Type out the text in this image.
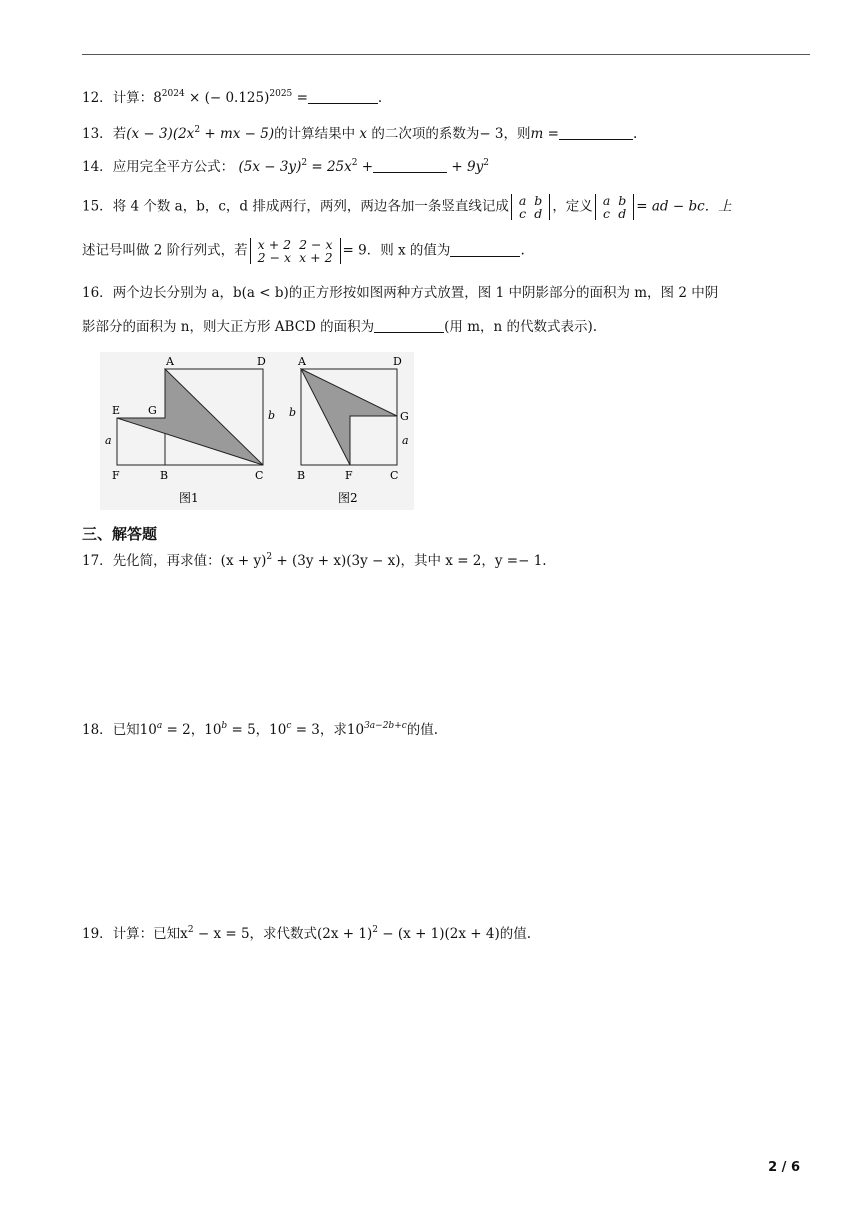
12．计算：$8^{2024}$ × (− 0.125)$^{2025}$ =	.
13．若$(x - 3)(2x^2$ + mx − 5)的计算结果中 x 的二次项的系数为− 3，则m =	.
14．应用完全平方公式： $(5x - 3y)^2 = 25x^2$ +	+ $9y^2$
15．将 4 个数 a，b，c，d 排成两行，两列，两边各加一条竖直线记成 a	b
c	d ，定义 a	b
c	d = ad − bc．上
述记号叫做 2 阶行列式，若 x + 2	2 − x
2 − x	x + 2 = 9．则 x 的值为	.
16．两个边长分别为 a，b(a < b)的正方形按如图两种方式放置，图 1 中阴影部分的面积为 m，图 2 中阴
影部分的面积为 n，则大正方形 ABCD 的面积为	(用 m，n 的代数式表示).
A	D
E	G	b
a
F	B	C
图1
A	D
b	G
a
B	F	C
图2
三、解答题
17．先化简，再求值：$(x + y)^2 + (3y + x)(3y - x)$，其中 x = 2，y =− 1.
18．已知$10^a = 2$，$10^b = 5$，$10^c = 3$，求$10^{3a-2b+c}$的值.
19．计算：已知$x^2 - x = 5$，求代数式$(2x + 1)^2 - (x + 1)(2x + 4)$的值.
2 / 6
